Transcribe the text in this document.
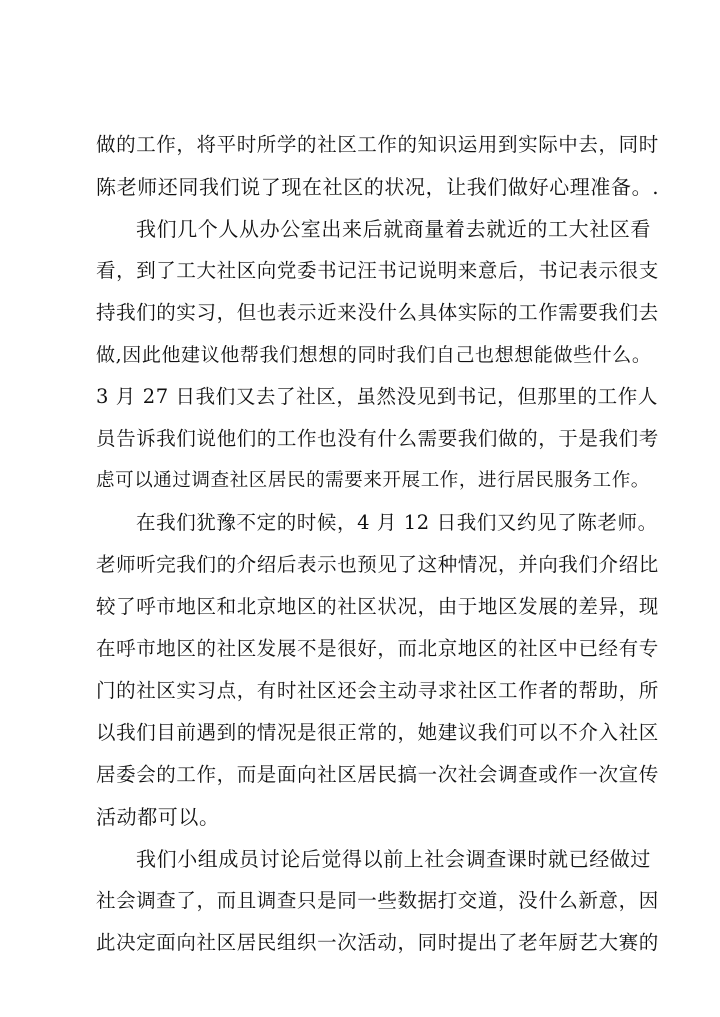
做的工作，将平时所学的社区工作的知识运用到实际中去，同时
陈老师还同我们说了现在社区的状况，让我们做好心理准备。.
我们几个人从办公室出来后就商量着去就近的工大社区看
看，到了工大社区向党委书记汪书记说明来意后，书记表示很支
持我们的实习，但也表示近来没什么具体实际的工作需要我们去
做,因此他建议他帮我们想想的同时我们自己也想想能做些什么。
3 月 27 日我们又去了社区，虽然没见到书记，但那里的工作人
员告诉我们说他们的工作也没有什么需要我们做的，于是我们考
虑可以通过调查社区居民的需要来开展工作，进行居民服务工作。
在我们犹豫不定的时候，4 月 12 日我们又约见了陈老师。
老师听完我们的介绍后表示也预见了这种情况，并向我们介绍比
较了呼市地区和北京地区的社区状况，由于地区发展的差异，现
在呼市地区的社区发展不是很好，而北京地区的社区中已经有专
门的社区实习点，有时社区还会主动寻求社区工作者的帮助，所
以我们目前遇到的情况是很正常的，她建议我们可以不介入社区
居委会的工作，而是面向社区居民搞一次社会调查或作一次宣传
活动都可以。
我们小组成员讨论后觉得以前上社会调查课时就已经做过
社会调查了，而且调查只是同一些数据打交道，没什么新意，因
此决定面向社区居民组织一次活动，同时提出了老年厨艺大赛的
